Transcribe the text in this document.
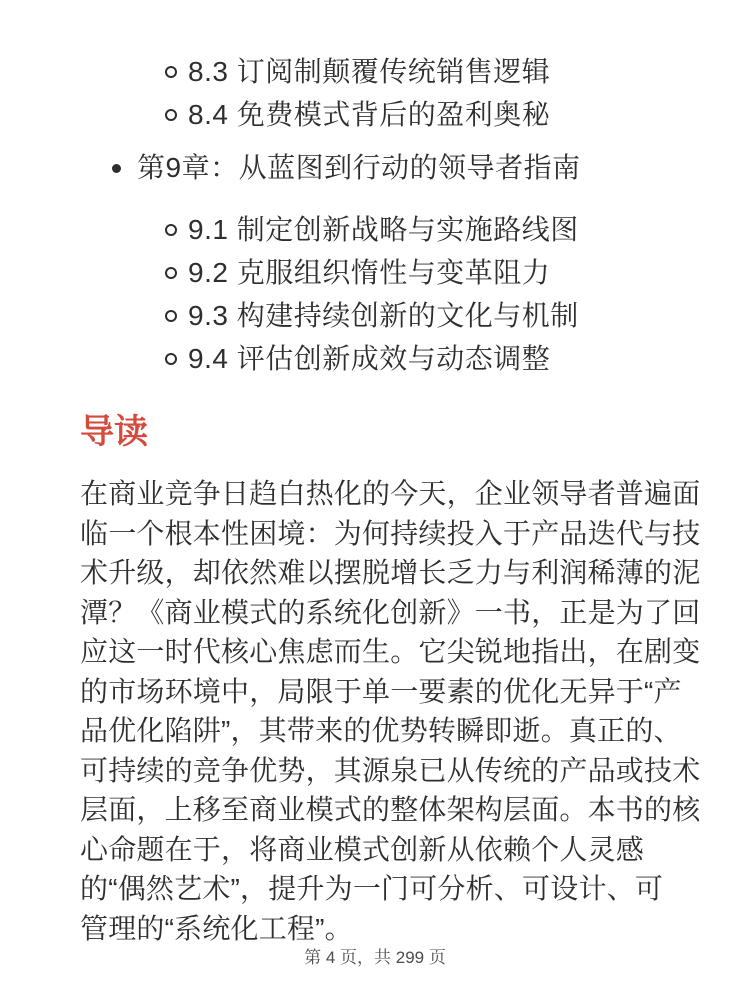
8.3 订阅制颠覆传统销售逻辑
8.4 免费模式背后的盈利奥秘
第9章：从蓝图到行动的领导者指南
9.1 制定创新战略与实施路线图
9.2 克服组织惰性与变革阻力
9.3 构建持续创新的文化与机制
9.4 评估创新成效与动态调整
导读
在商业竞争日趋白热化的今天，企业领导者普遍面
临一个根本性困境：为何持续投入于产品迭代与技
术升级，却依然难以摆脱增长乏力与利润稀薄的泥
潭？《商业模式的系统化创新》一书，正是为了回
应这一时代核心焦虑而生。它尖锐地指出，在剧变
的市场环境中，局限于单一要素的优化无异于“产
品优化陷阱”，其带来的优势转瞬即逝。真正的、
可持续的竞争优势，其源泉已从传统的产品或技术
层面，上移至商业模式的整体架构层面。本书的核
心命题在于，将商业模式创新从依赖个人灵感
的“偶然艺术”，提升为一门可分析、可设计、可
管理的“系统化工程”。
第 4 页，共 299 页
